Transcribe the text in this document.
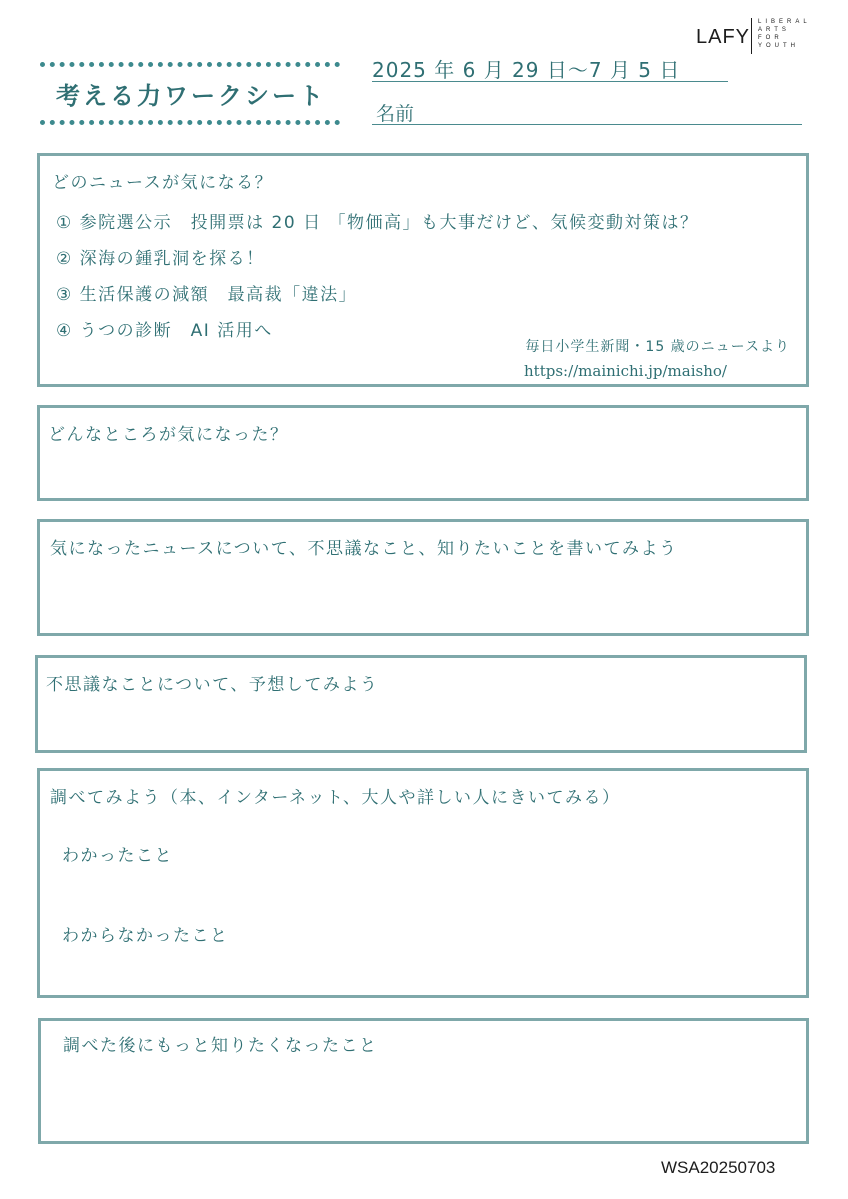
LAFY
LIBERAL
ARTS
FOR
YOUTH
考える力ワークシート
2025 年 6 月 29 日～7 月 5 日
名前
どのニュースが気になる？
① 参院選公示　投開票は 20 日 「物価高」も大事だけど、気候変動対策は？
② 深海の鍾乳洞を探る！
③ 生活保護の減額　最高裁「違法」
④ うつの診断　AI 活用へ
毎日小学生新聞・15 歳のニュースより
https://mainichi.jp/maisho/
どんなところが気になった？
気になったニュースについて、不思議なこと、知りたいことを書いてみよう
不思議なことについて、予想してみよう
調べてみよう（本、インターネット、大人や詳しい人にきいてみる）
わかったこと
わからなかったこと
調べた後にもっと知りたくなったこと
WSA20250703
